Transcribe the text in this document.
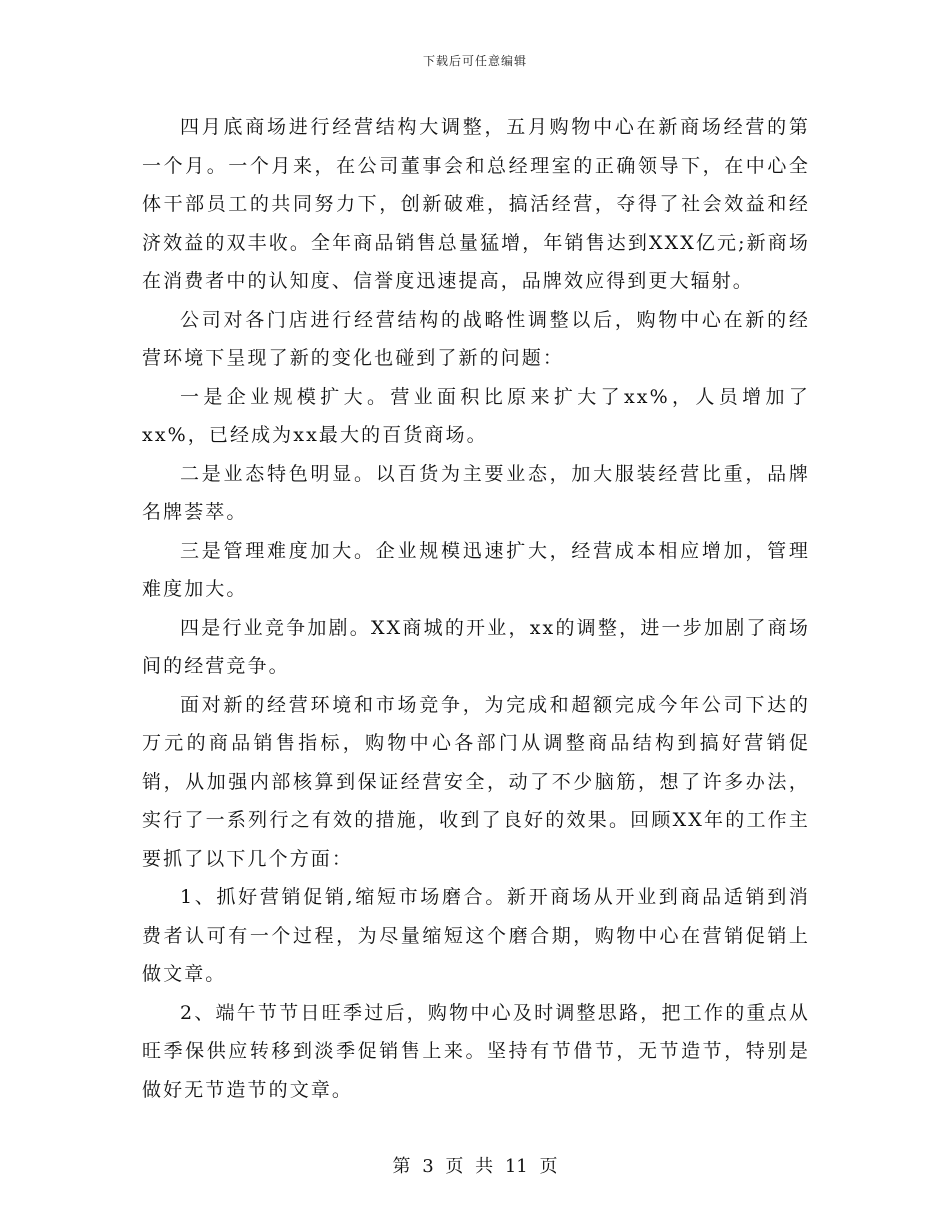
下载后可任意编辑

四月底商场进行经营结构大调整，五月购物中心在新商场经营的第一个月。一个月来，在公司董事会和总经理室的正确领导下，在中心全体干部员工的共同努力下，创新破难，搞活经营，夺得了社会效益和经济效益的双丰收。全年商品销售总量猛增，年销售达到XXX亿元;新商场在消费者中的认知度、信誉度迅速提高，品牌效应得到更大辐射。

公司对各门店进行经营结构的战略性调整以后，购物中心在新的经营环境下呈现了新的变化也碰到了新的问题：

一是企业规模扩大。营业面积比原来扩大了xx%，人员增加了xx%，已经成为xx最大的百货商场。

二是业态特色明显。以百货为主要业态，加大服装经营比重，品牌名牌荟萃。

三是管理难度加大。企业规模迅速扩大，经营成本相应增加，管理难度加大。

四是行业竞争加剧。XX商城的开业，xx的调整，进一步加剧了商场间的经营竞争。

面对新的经营环境和市场竞争，为完成和超额完成今年公司下达的万元的商品销售指标，购物中心各部门从调整商品结构到搞好营销促销，从加强内部核算到保证经营安全，动了不少脑筋，想了许多办法，实行了一系列行之有效的措施，收到了良好的效果。回顾XX年的工作主要抓了以下几个方面：

1、抓好营销促销,缩短市场磨合。新开商场从开业到商品适销到消费者认可有一个过程，为尽量缩短这个磨合期，购物中心在营销促销上做文章。

2、端午节节日旺季过后，购物中心及时调整思路，把工作的重点从旺季保供应转移到淡季促销售上来。坚持有节借节，无节造节，特别是做好无节造节的文章。

第 3 页 共 11 页
